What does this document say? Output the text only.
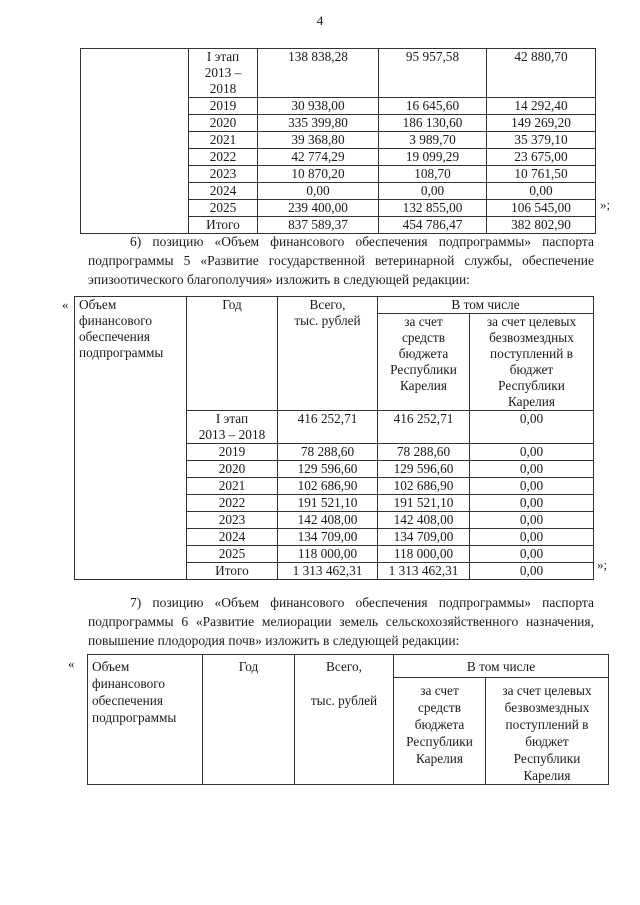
4

	I этап
2013 – 2018	138 838,28	95 957,58	42 880,70

	2019	30 938,00	16 645,60	14 292,40

	2020	335 399,80	186 130,60	149 269,20

	2021	39 368,80	3 989,70	35 379,10

	2022	42 774,29	19 099,29	23 675,00

	2023	10 870,20	108,70	10 761,50

	2024	0,00	0,00	0,00

	2025	239 400,00	132 855,00	106 545,00

	Итого	837 589,37	454 786,47	382 802,90
»;
6) позицию «Объем финансового обеспечения подпрограммы» паспорта
подпрограммы 5 «Развитие государственной ветеринарной службы, обеспечение
эпизоотического благополучия» изложить в следующей редакции:
« Объем
финансового
обеспечения
подпрограммы
	Год	Всего,
тыс. рублей
	В том числе

за счет
средств
бюджета
Республики
Карелия

за счет целевых
безвозмездных
поступлений в
бюджет
Республики
Карелия

	I этап
2013 – 2018	416 252,71	416 252,71	0,00

	2019	78 288,60	78 288,60	0,00

	2020	129 596,60	129 596,60	0,00

	2021	102 686,90	102 686,90	0,00

	2022	191 521,10	191 521,10	0,00

	2023	142 408,00	142 408,00	0,00

	2024	134 709,00	134 709,00	0,00

	2025	118 000,00	118 000,00	0,00

	Итого	1 313 462,31	1 313 462,31	0,00	»;
7) позицию «Объем финансового обеспечения подпрограммы» паспорта
подпрограммы 6 «Развитие мелиорации земель сельскохозяйственного назначения,
повышение плодородия почв» изложить в следующей редакции:
« Объем
финансового
обеспечения
подпрограммы
	Год	Всего,

тыс. рублей
	В том числе

за счет
средств
бюджета
Республики
Карелия

за счет целевых
безвозмездных
поступлений в
бюджет
Республики
Карелия
